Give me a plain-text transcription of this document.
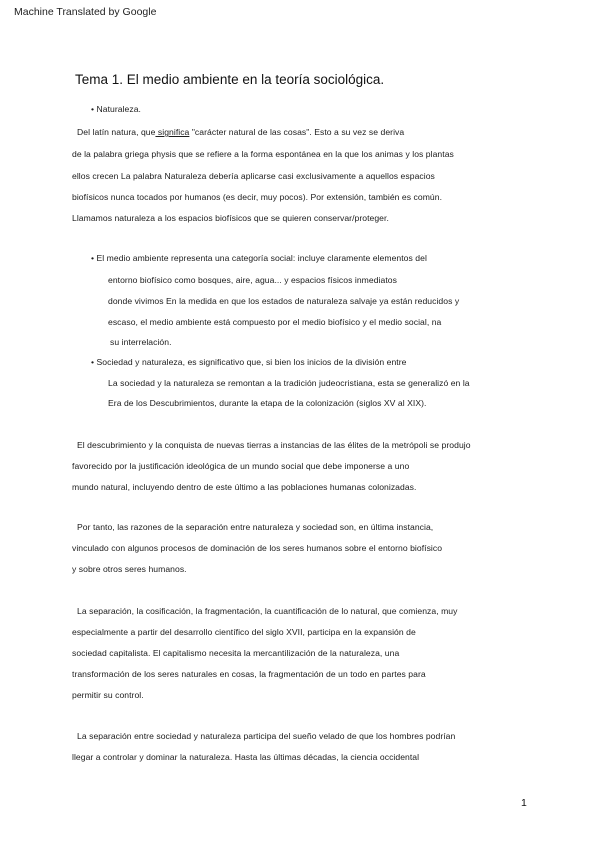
Machine Translated by Google
Tema 1. El medio ambiente en la teoría sociológica.
• Naturaleza.
Del latín natura, que significa "carácter natural de las cosas". Esto a su vez se deriva
de la palabra griega physis que se refiere a la forma espontánea en la que los animas y los plantas
ellos crecen La palabra Naturaleza debería aplicarse casi exclusivamente a aquellos espacios
biofísicos nunca tocados por humanos (es decir, muy pocos). Por extensión, también es común.
Llamamos naturaleza a los espacios biofísicos que se quieren conservar/proteger.
• El medio ambiente representa una categoría social: incluye claramente elementos del
entorno biofísico como bosques, aire, agua... y espacios físicos inmediatos
donde vivimos En la medida en que los estados de naturaleza salvaje ya están reducidos y
escaso, el medio ambiente está compuesto por el medio biofísico y el medio social, na
su interrelación.
• Sociedad y naturaleza, es significativo que, si bien los inicios de la división entre
La sociedad y la naturaleza se remontan a la tradición judeocristiana, esta se generalizó en la
Era de los Descubrimientos, durante la etapa de la colonización (siglos XV al XIX).
El descubrimiento y la conquista de nuevas tierras a instancias de las élites de la metrópoli se produjo
favorecido por la justificación ideológica de un mundo social que debe imponerse a uno
mundo natural, incluyendo dentro de este último a las poblaciones humanas colonizadas.
Por tanto, las razones de la separación entre naturaleza y sociedad son, en última instancia,
vinculado con algunos procesos de dominación de los seres humanos sobre el entorno biofísico
y sobre otros seres humanos.
La separación, la cosificación, la fragmentación, la cuantificación de lo natural, que comienza, muy
especialmente a partir del desarrollo científico del siglo XVII, participa en la expansión de
sociedad capitalista. El capitalismo necesita la mercantilización de la naturaleza, una
transformación de los seres naturales en cosas, la fragmentación de un todo en partes para
permitir su control.
La separación entre sociedad y naturaleza participa del sueño velado de que los hombres podrían
llegar a controlar y dominar la naturaleza. Hasta las últimas décadas, la ciencia occidental
1
